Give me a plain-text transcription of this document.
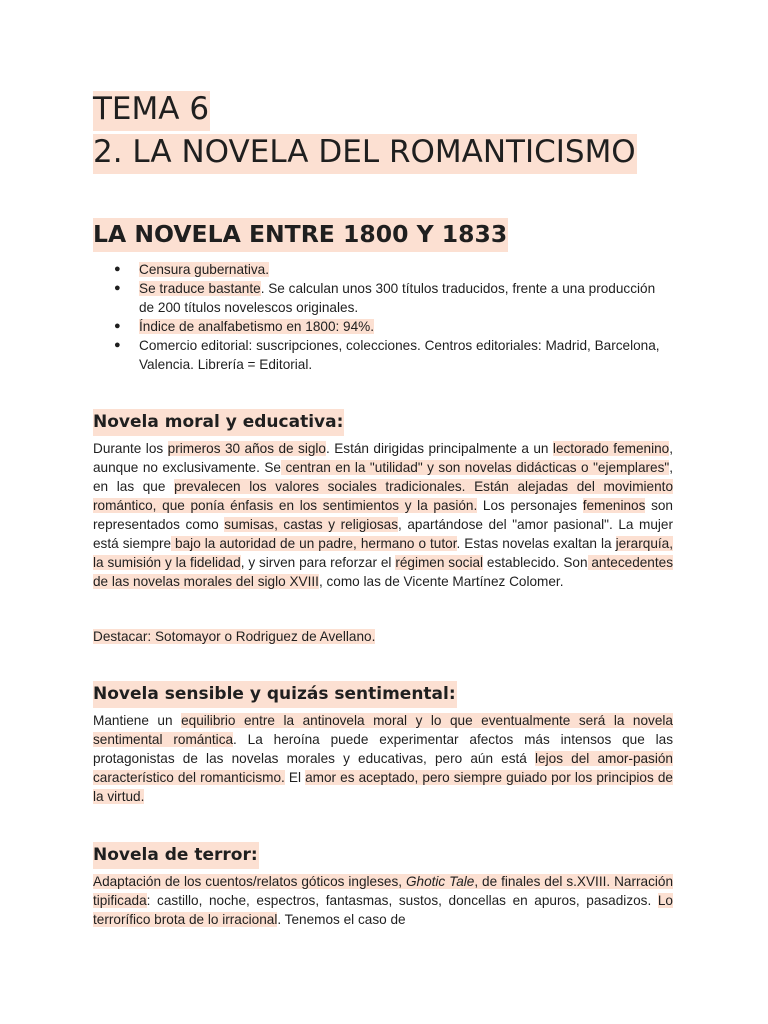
TEMA 6
2. LA NOVELA DEL ROMANTICISMO
LA NOVELA ENTRE 1800 Y 1833
● Censura gubernativa.
● Se traduce bastante. Se calculan unos 300 títulos traducidos, frente a una producción de 200 títulos novelescos originales.
● Índice de analfabetismo en 1800: 94%.
● Comercio editorial: suscripciones, colecciones. Centros editoriales: Madrid, Barcelona, Valencia. Librería = Editorial.
Novela moral y educativa:

Durante los primeros 30 años de siglo. Están dirigidas principalmente a un lectorado femenino, aunque no exclusivamente. Se centran en la "utilidad" y son novelas didácticas o "ejemplares", en las que prevalecen los valores sociales tradicionales. Están alejadas del movimiento romántico, que ponía énfasis en los sentimientos y la pasión. Los personajes femeninos son representados como sumisas, castas y religiosas, apartándose del "amor pasional". La mujer está siempre bajo la autoridad de un padre, hermano o tutor. Estas novelas exaltan la jerarquía, la sumisión y la fidelidad, y sirven para reforzar el régimen social establecido. Son antecedentes de las novelas morales del siglo XVIII, como las de Vicente Martínez Colomer.

Destacar: Sotomayor o Rodriguez de Avellano.

Novela sensible y quizás sentimental:

Mantiene un equilibrio entre la antinovela moral y lo que eventualmente será la novela sentimental romántica. La heroína puede experimentar afectos más intensos que las protagonistas de las novelas morales y educativas, pero aún está lejos del amor-pasión característico del romanticismo. El amor es aceptado, pero siempre guiado por los principios de la virtud.

Novela de terror:

Adaptación de los cuentos/relatos góticos ingleses, Ghotic Tale, de finales del s.XVIII. Narración tipificada: castillo, noche, espectros, fantasmas, sustos, doncellas en apuros, pasadizos. Lo terrorífico brota de lo irracional. Tenemos el caso de
